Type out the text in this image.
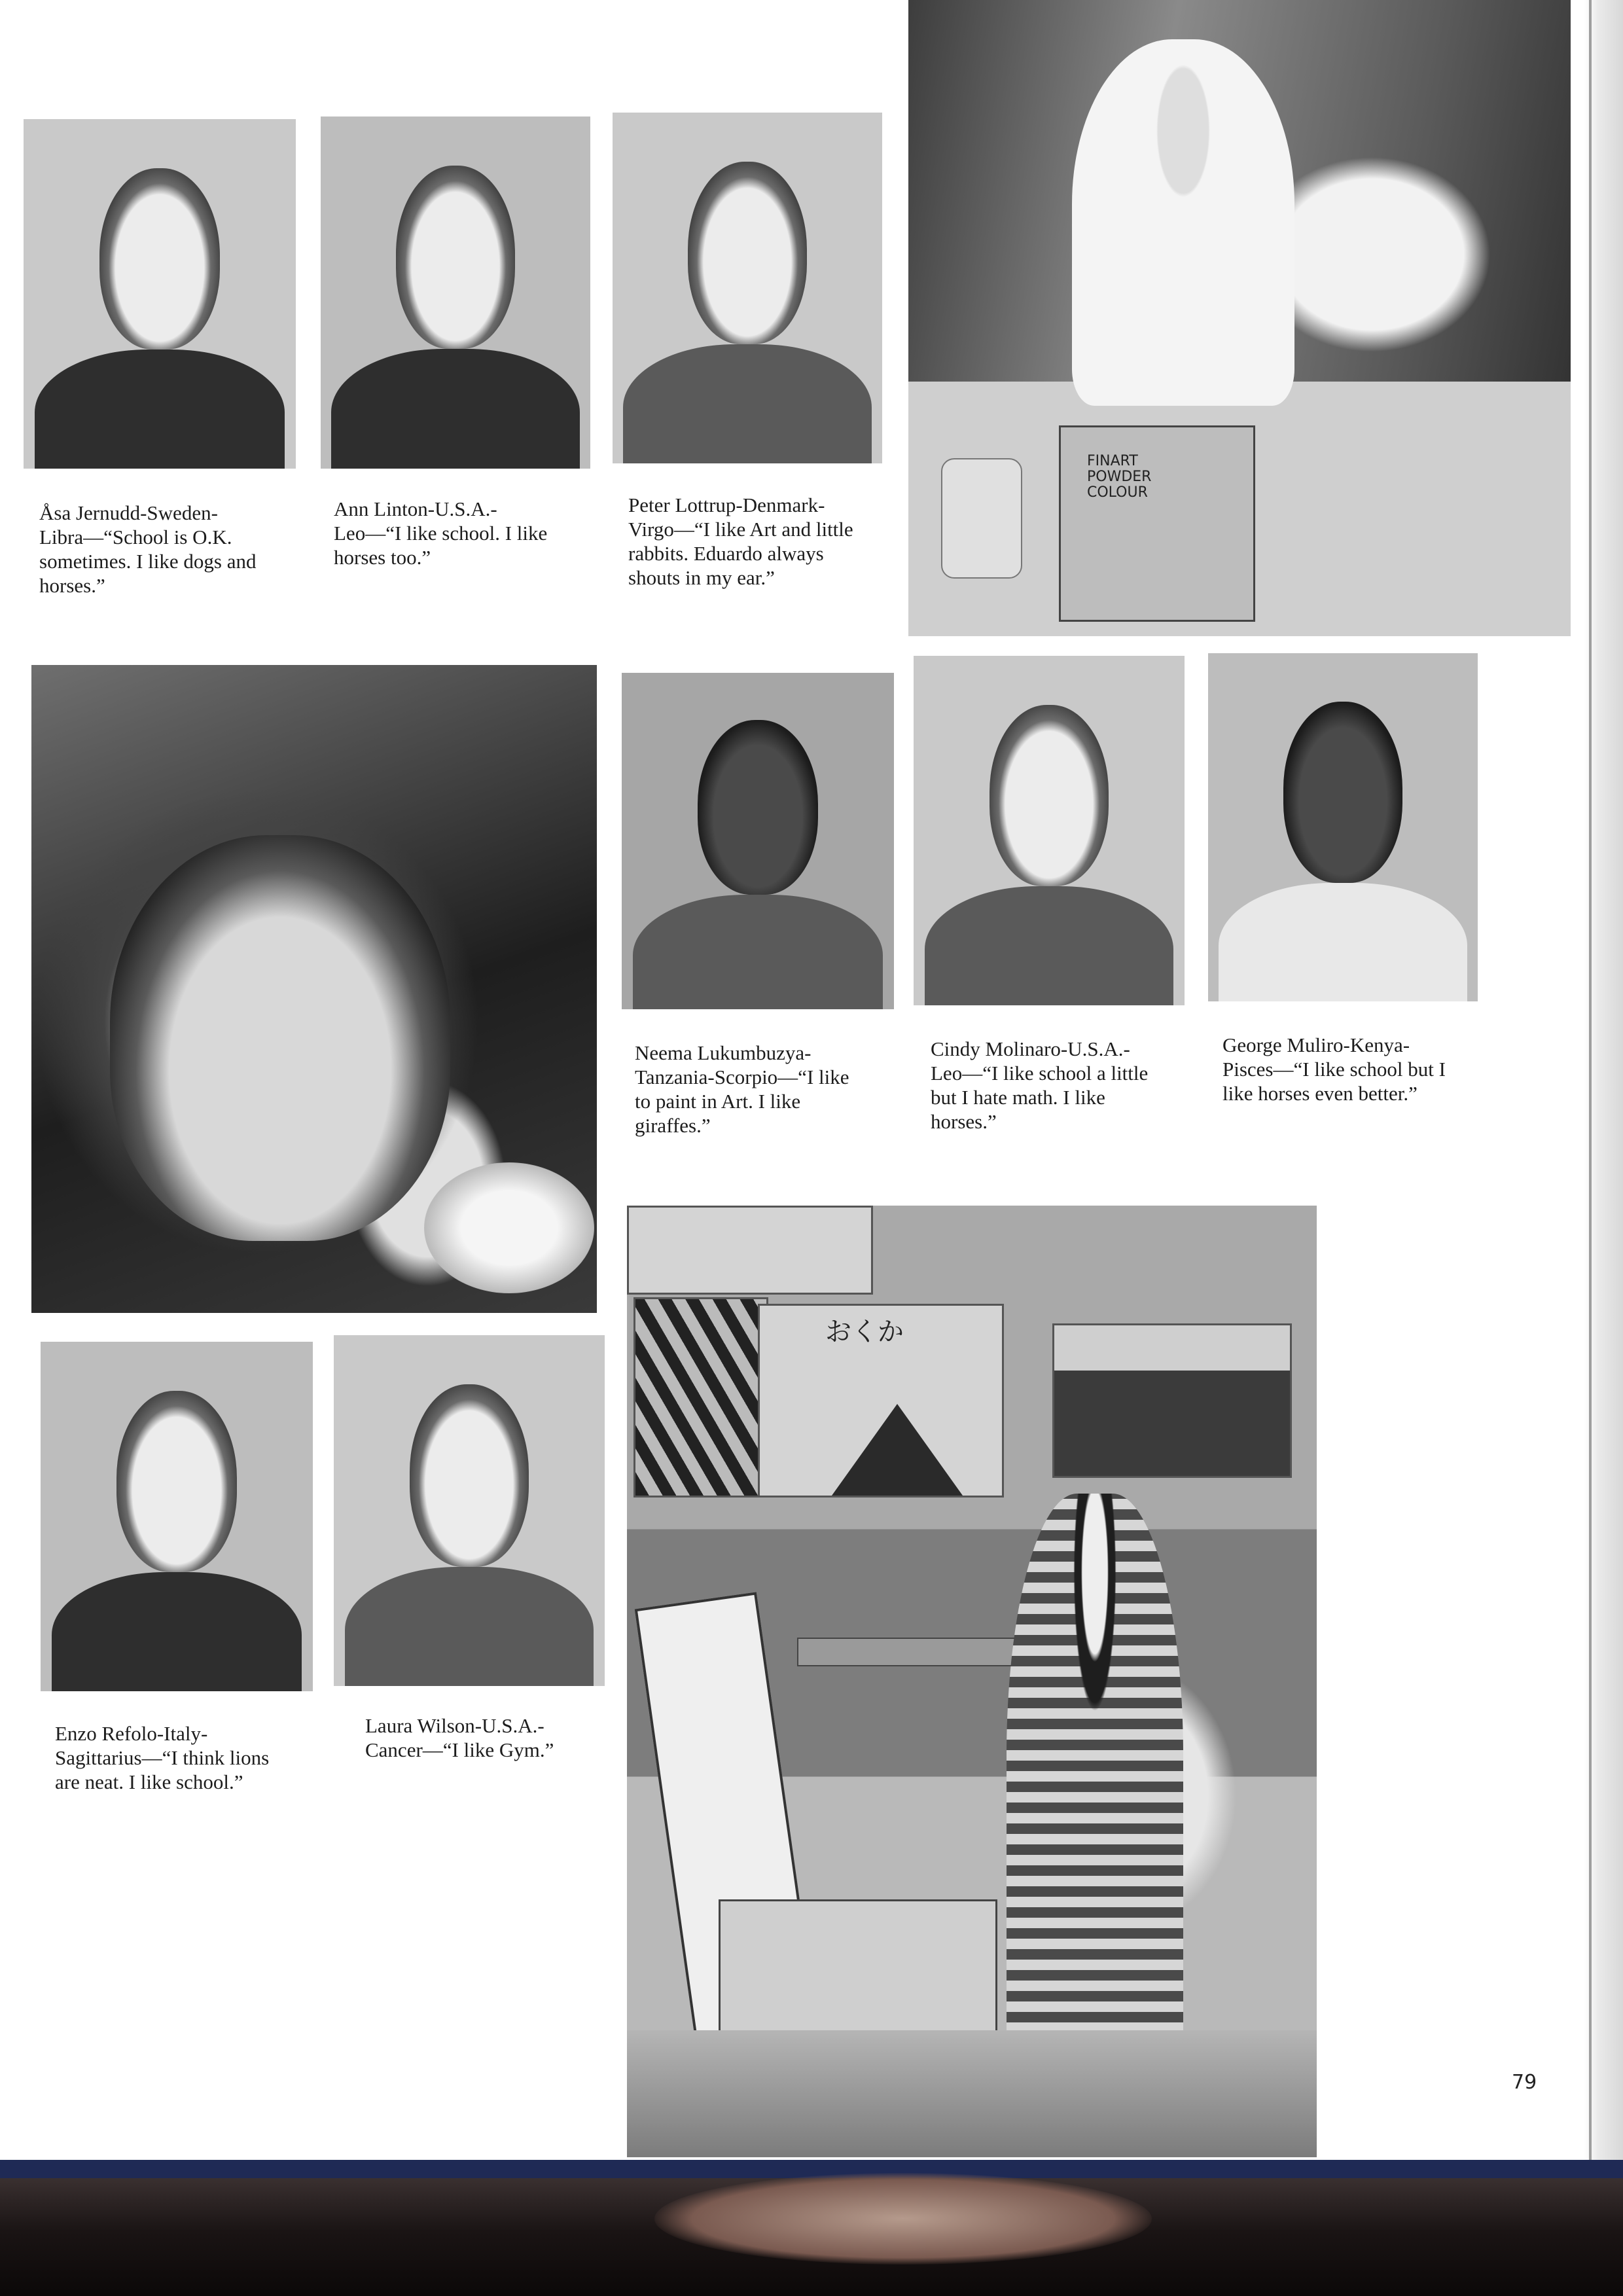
FINART
POWDER
COLOUR
Åsa Jernudd-Sweden-
Libra—“School is O.K.
sometimes. I like dogs and
horses.”
Ann Linton-U.S.A.-
Leo—“I like school. I like
horses too.”
Peter Lottrup-Denmark-
Virgo—“I like Art and little
rabbits. Eduardo always
shouts in my ear.”
Neema Lukumbuzya-
Tanzania-Scorpio—“I like
to paint in Art. I like
giraffes.”
Cindy Molinaro-U.S.A.-
Leo—“I like school a little
but I hate math. I like
horses.”
George Muliro-Kenya-
Pisces—“I like school but I
like horses even better.”
Enzo Refolo-Italy-
Sagittarius—“I think lions
are neat. I like school.”
Laura Wilson-U.S.A.-
Cancer—“I like Gym.”
おくか
79
